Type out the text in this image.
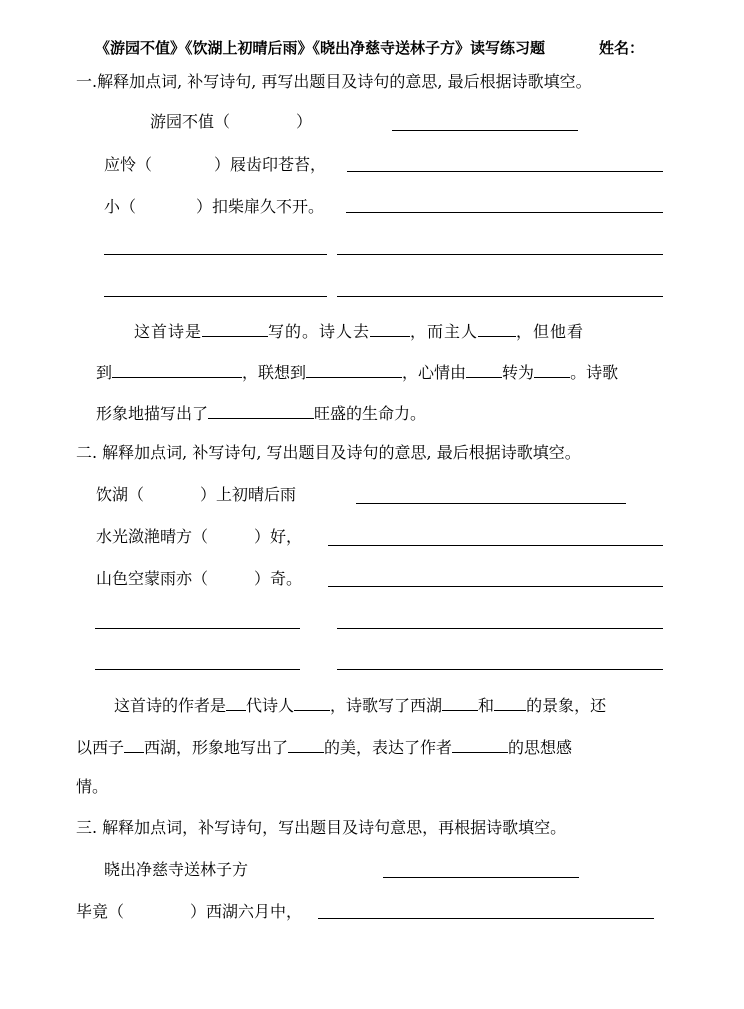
《游园不值》《饮湖上初晴后雨》《晓出净慈寺送林子方》读写练习题	姓名：
一.解释加点词, 补写诗句, 再写出题目及诗句的意思, 最后根据诗歌填空。
游园不值（	）
应怜（	）屐齿印苍苔，
小（	）扣柴扉久不开。
这首诗是	写的。诗人去	，而主人 ，但他看
到	，联想到	，心情由 转为 。诗歌
形象地描写出了	旺盛的生命力。
二. 解释加点词, 补写诗句, 写出题目及诗句的意思, 最后根据诗歌填空。
饮湖（	）上初晴后雨
水光潋滟晴方（	）好，
山色空蒙雨亦（	）奇。
这首诗的作者是 代诗人 ，诗歌写了西湖 和 的景象，还
以西子 西湖，形象地写出了 的美，表达了作者	的思想感
情。
三. 解释加点词，补写诗句，写出题目及诗句意思，再根据诗歌填空。
晓出净慈寺送林子方
毕竟（	）西湖六月中，
